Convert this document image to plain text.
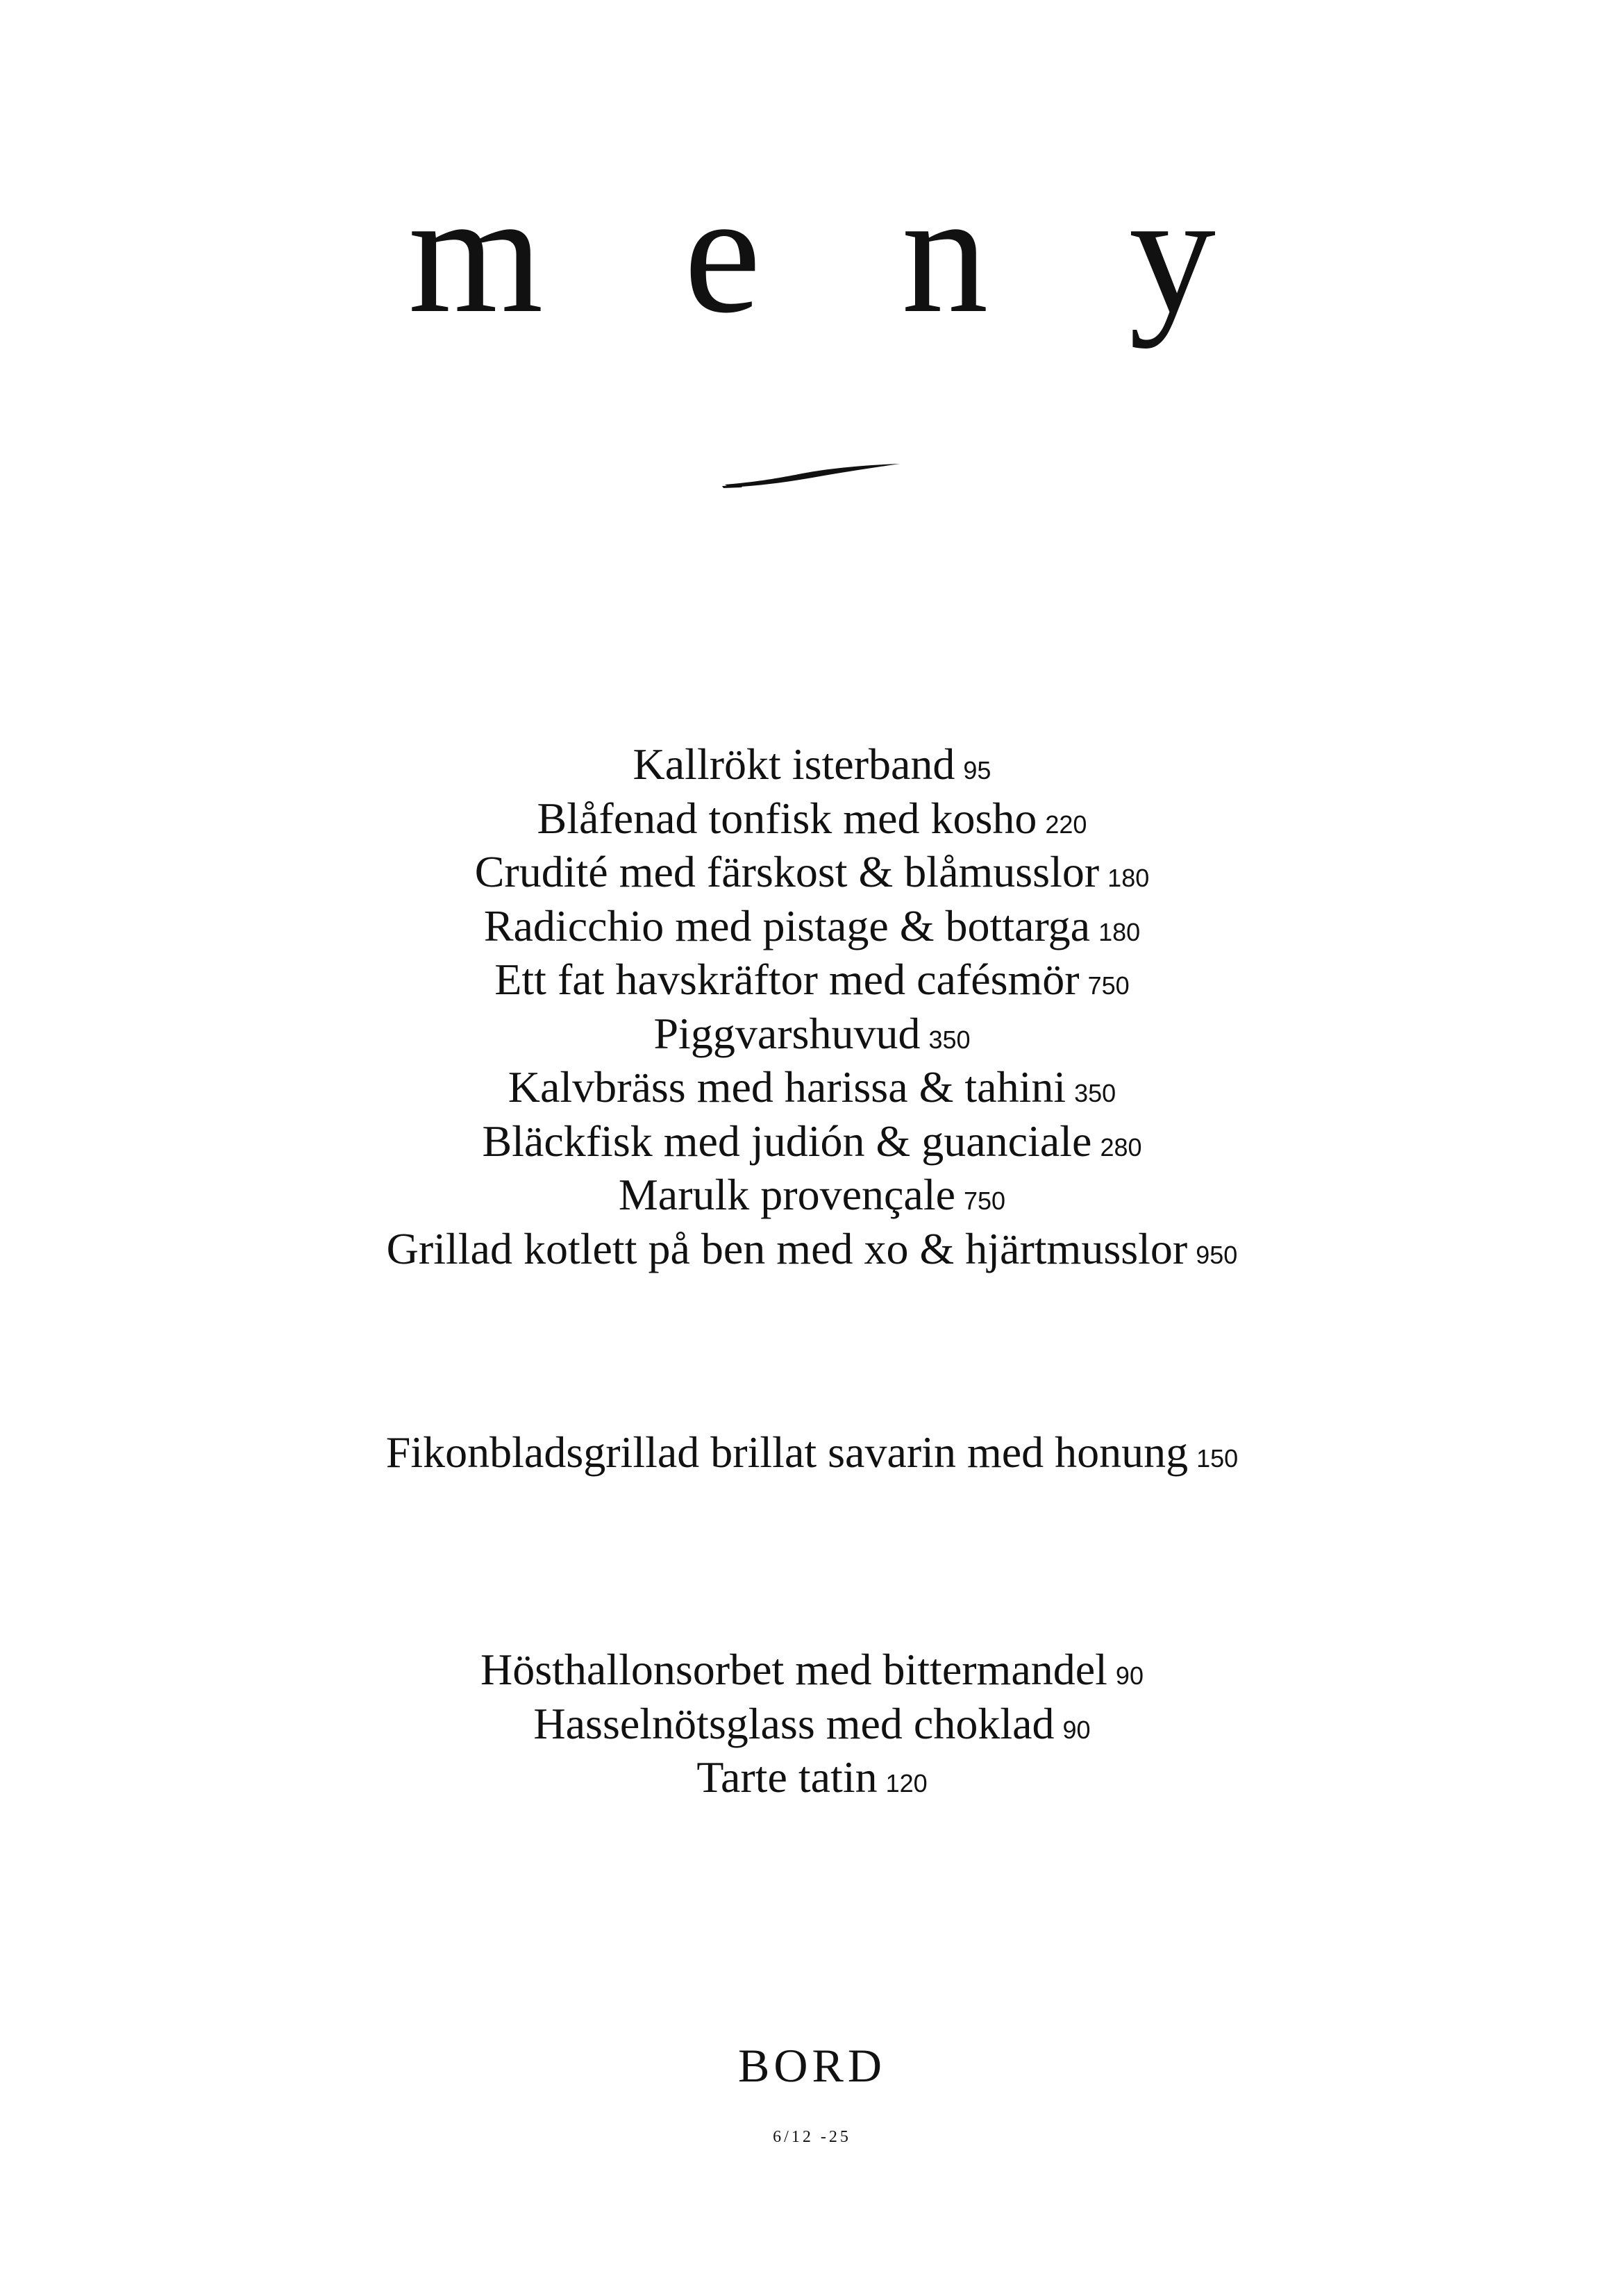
m e n y
Kallrökt isterband 95
Blåfenad tonfisk med kosho 220
Crudité med färskost & blåmusslor 180
Radicchio med pistage & bottarga 180
Ett fat havskräftor med cafésmör 750
Piggvarshuvud 350
Kalvbräss med harissa & tahini 350
Bläckfisk med judión & guanciale 280
Marulk provençale 750
Grillad kotlett på ben med xo & hjärtmusslor 950
Fikonbladsgrillad brillat savarin med honung 150
Hösthallonsorbet med bittermandel 90
Hasselnötsglass med choklad 90
Tarte tatin 120
BORD
6/12 -25
